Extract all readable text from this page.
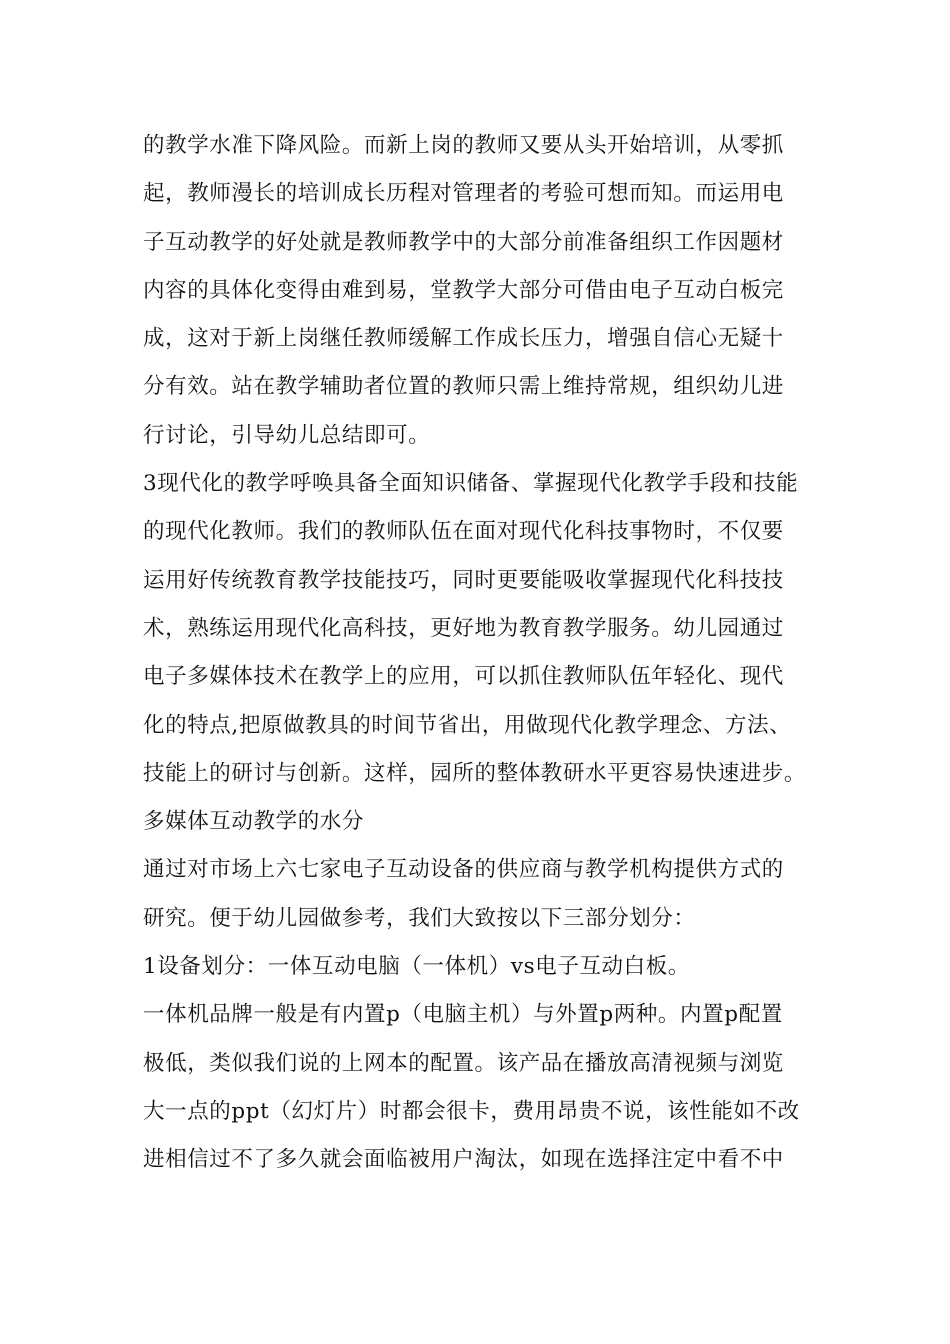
的教学水准下降风险。而新上岗的教师又要从头开始培训，从零抓
起，教师漫长的培训成长历程对管理者的考验可想而知。而运用电
子互动教学的好处就是教师教学中的大部分前准备组织工作因题材
内容的具体化变得由难到易，堂教学大部分可借由电子互动白板完
成，这对于新上岗继任教师缓解工作成长压力，增强自信心无疑十
分有效。站在教学辅助者位置的教师只需上维持常规，组织幼儿进
行讨论，引导幼儿总结即可。
3现代化的教学呼唤具备全面知识储备、掌握现代化教学手段和技能
的现代化教师。我们的教师队伍在面对现代化科技事物时，不仅要
运用好传统教育教学技能技巧，同时更要能吸收掌握现代化科技技
术，熟练运用现代化高科技，更好地为教育教学服务。幼儿园通过
电子多媒体技术在教学上的应用，可以抓住教师队伍年轻化、现代
化的特点,把原做教具的时间节省出，用做现代化教学理念、方法、
技能上的研讨与创新。这样，园所的整体教研水平更容易快速进步。
多媒体互动教学的水分
通过对市场上六七家电子互动设备的供应商与教学机构提供方式的
研究。便于幼儿园做参考，我们大致按以下三部分划分：
1设备划分：一体互动电脑（一体机）vs电子互动白板。
一体机品牌一般是有内置p（电脑主机）与外置p两种。内置p配置
极低，类似我们说的上网本的配置。该产品在播放高清视频与浏览
大一点的ppt（幻灯片）时都会很卡，费用昂贵不说，该性能如不改
进相信过不了多久就会面临被用户淘汰，如现在选择注定中看不中
